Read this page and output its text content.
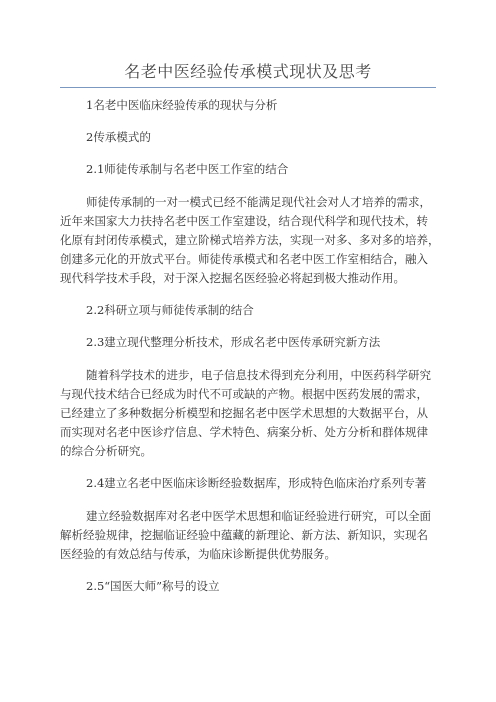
名老中医经验传承模式现状及思考

1名老中医临床经验传承的现状与分析

2传承模式的

2.1师徒传承制与名老中医工作室的结合

师徒传承制的一对一模式已经不能满足现代社会对人才培养的需求，
近年来国家大力扶持名老中医工作室建设，结合现代科学和现代技术，转
化原有封闭传承模式，建立阶梯式培养方法，实现一对多、多对多的培养，
创建多元化的开放式平台。师徒传承模式和名老中医工作室相结合，融入
现代科学技术手段，对于深入挖掘名医经验必将起到极大推动作用。

2.2科研立项与师徒传承制的结合

2.3建立现代整理分析技术，形成名老中医传承研究新方法

随着科学技术的进步，电子信息技术得到充分利用，中医药科学研究
与现代技术结合已经成为时代不可或缺的产物。根据中医药发展的需求，
已经建立了多种数据分析模型和挖掘名老中医学术思想的大数据平台，从
而实现对名老中医诊疗信息、学术特色、病案分析、处方分析和群体规律
的综合分析研究。

2.4建立名老中医临床诊断经验数据库，形成特色临床治疗系列专著

建立经验数据库对名老中医学术思想和临证经验进行研究，可以全面
解析经验规律，挖掘临证经验中蕴藏的新理论、新方法、新知识，实现名
医经验的有效总结与传承，为临床诊断提供优势服务。

2.5“国医大师”称号的设立
